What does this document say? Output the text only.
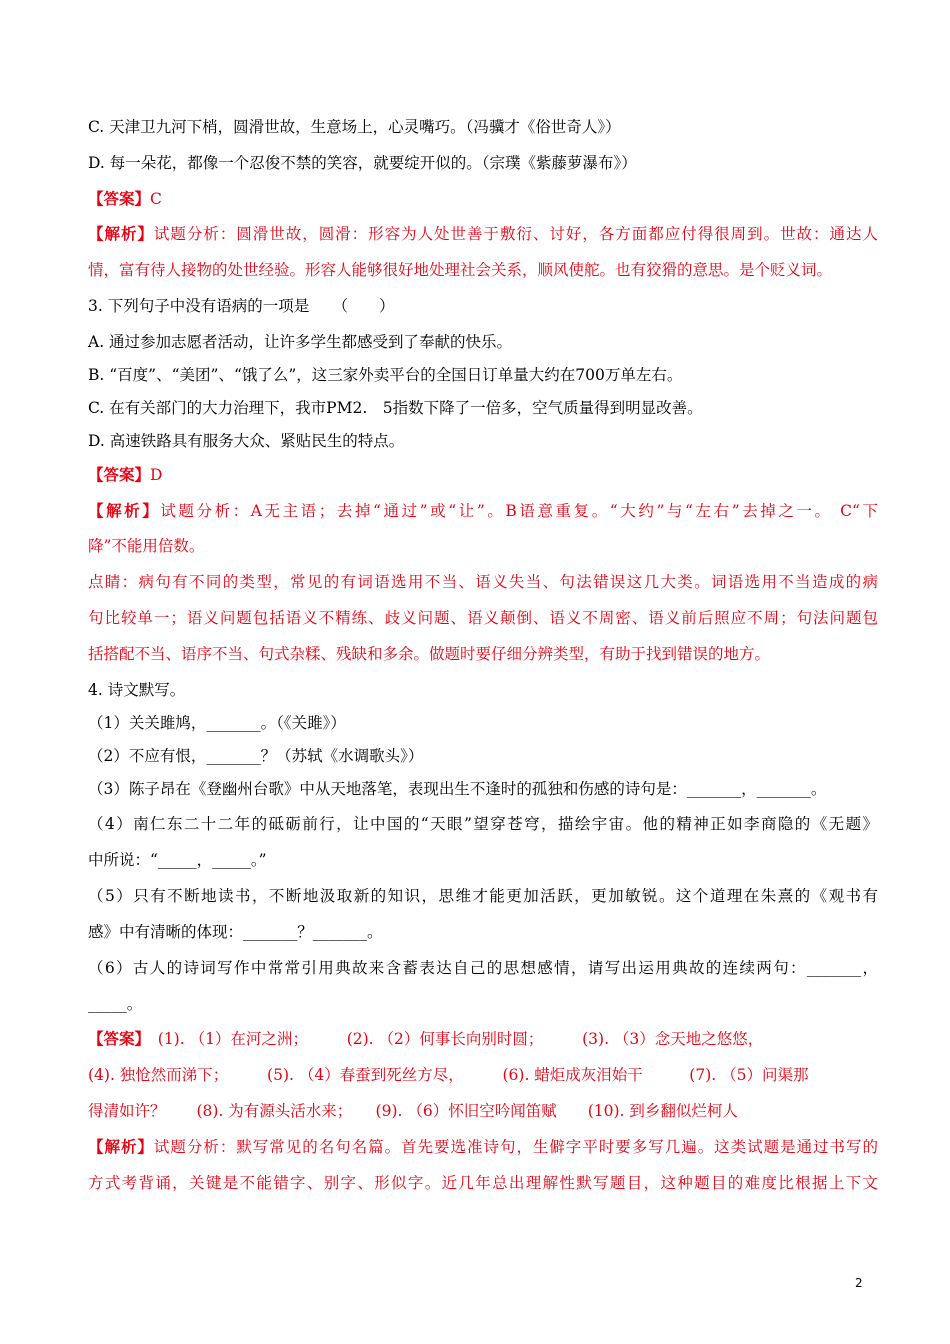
C. 天津卫九河下梢，圆滑世故，生意场上，心灵嘴巧。（冯骥才《俗世奇人》）
D. 每一朵花，都像一个忍俊不禁的笑容，就要绽开似的。（宗璞《紫藤萝瀑布》）
【答案】C
【解析】试题分析：圆滑世故，圆滑：形容为人处世善于敷衍、讨好，各方面都应付得很周到。世故：通达人
情，富有待人接物的处世经验。形容人能够很好地处理社会关系，顺风使舵。也有狡猾的意思。是个贬义词。
3. 下列句子中没有语病的一项是　　（　　）
A. 通过参加志愿者活动，让许多学生都感受到了奉献的快乐。
B. “百度”、“美团”、“饿了么”，这三家外卖平台的全国日订单量大约在700万单左右。
C. 在有关部门的大力治理下，我市PM2.　5指数下降了一倍多，空气质量得到明显改善。
D. 高速铁路具有服务大众、紧贴民生的特点。
【答案】D
【解析】试题分析：A无主语；去掉“通过”或“让”。B语意重复。“大约”与“左右”去掉之一。 C“下
降”不能用倍数。
点睛：病句有不同的类型，常见的有词语选用不当、语义失当、句法错误这几大类。词语选用不当造成的病
句比较单一；语义问题包括语义不精练、歧义问题、语义颠倒、语义不周密、语义前后照应不周；句法问题包
括搭配不当、语序不当、句式杂糅、残缺和多余。做题时要仔细分辨类型，有助于找到错误的地方。
4. 诗文默写。
（1）关关雎鸠，_______。（《关雎》）
（2）不应有恨，_______？（苏轼《水调歌头》）
（3）陈子昂在《登幽州台歌》中从天地落笔，表现出生不逢时的孤独和伤感的诗句是：_______，_______。
（4）南仁东二十二年的砥砺前行，让中国的“天眼”望穿苍穹，描绘宇宙。他的精神正如李商隐的《无题》
中所说：“_____，_____。”
（5）只有不断地读书，不断地汲取新的知识，思维才能更加活跃，更加敏锐。这个道理在朱熹的《观书有
感》中有清晰的体现：_______？_______。
（6）古人的诗词写作中常常引用典故来含蓄表达自己的思想感情，请写出运用典故的连续两句：_______，
_____。
【答案】　(1). （1）在河之洲；　　　(2). （2）何事长向别时圆；　　　(3). （3）念天地之悠悠，
(4). 独怆然而涕下；　　　(5). （4）春蚕到死丝方尽，　　　(6). 蜡炬成灰泪始干　　　(7). （5）问渠那
得清如许？　　(8). 为有源头活水来；　　(9). （6）怀旧空吟闻笛赋　　(10). 到乡翻似烂柯人
【解析】试题分析：默写常见的名句名篇。首先要选准诗句，生僻字平时要多写几遍。这类试题是通过书写的
方式考背诵，关键是不能错字、别字、形似字。近几年总出理解性默写题目，这种题目的难度比根据上下文
2
